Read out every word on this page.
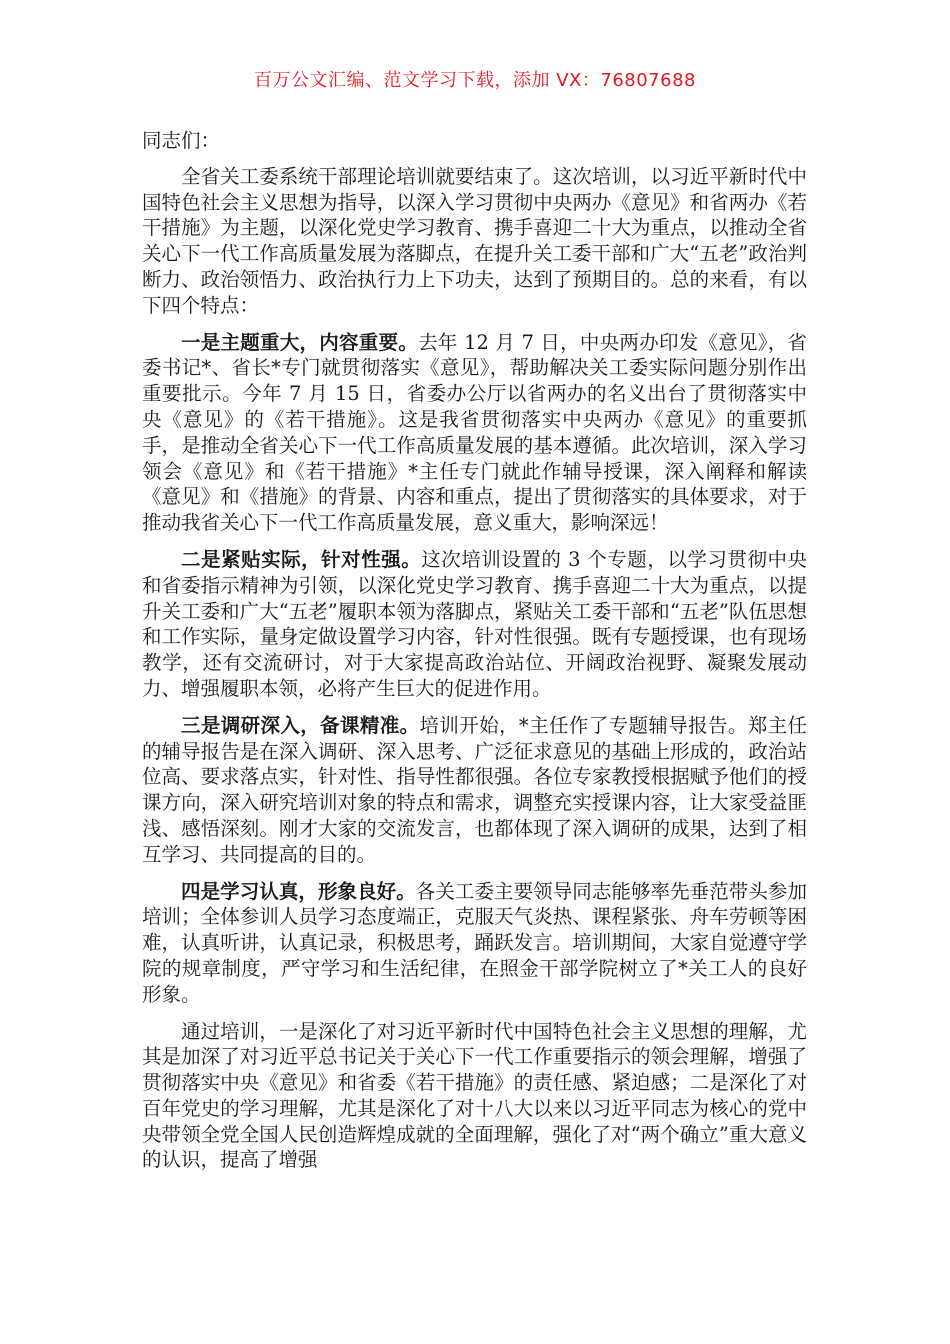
百万公文汇编、范文学习下载，添加 VX：76807688

同志们：

全省关工委系统干部理论培训就要结束了。这次培训，以习近平新时代中国特色社会主义思想为指导，以深入学习贯彻中央两办《意见》和省两办《若干措施》为主题，以深化党史学习教育、携手喜迎二十大为重点，以推动全省关心下一代工作高质量发展为落脚点，在提升关工委干部和广大“五老”政治判断力、政治领悟力、政治执行力上下功夫，达到了预期目的。总的来看，有以下四个特点：

一是主题重大，内容重要。去年 12 月 7 日，中央两办印发《意见》，省委书记*、省长*专门就贯彻落实《意见》，帮助解决关工委实际问题分别作出重要批示。今年 7 月 15 日，省委办公厅以省两办的名义出台了贯彻落实中央《意见》的《若干措施》。这是我省贯彻落实中央两办《意见》的重要抓手，是推动全省关心下一代工作高质量发展的基本遵循。此次培训，深入学习领会《意见》和《若干措施》*主任专门就此作辅导授课，深入阐释和解读《意见》和《措施》的背景、内容和重点，提出了贯彻落实的具体要求，对于推动我省关心下一代工作高质量发展，意义重大，影响深远！

二是紧贴实际，针对性强。这次培训设置的 3 个专题，以学习贯彻中央和省委指示精神为引领，以深化党史学习教育、携手喜迎二十大为重点，以提升关工委和广大“五老”履职本领为落脚点，紧贴关工委干部和“五老”队伍思想和工作实际，量身定做设置学习内容，针对性很强。既有专题授课，也有现场教学，还有交流研讨，对于大家提高政治站位、开阔政治视野、凝聚发展动力、增强履职本领，必将产生巨大的促进作用。

三是调研深入，备课精准。培训开始，*主任作了专题辅导报告。郑主任的辅导报告是在深入调研、深入思考、广泛征求意见的基础上形成的，政治站位高、要求落点实，针对性、指导性都很强。各位专家教授根据赋予他们的授课方向，深入研究培训对象的特点和需求，调整充实授课内容，让大家受益匪浅、感悟深刻。刚才大家的交流发言，也都体现了深入调研的成果，达到了相互学习、共同提高的目的。

四是学习认真，形象良好。各关工委主要领导同志能够率先垂范带头参加培训；全体参训人员学习态度端正，克服天气炎热、课程紧张、舟车劳顿等困难，认真听讲，认真记录，积极思考，踊跃发言。培训期间，大家自觉遵守学院的规章制度，严守学习和生活纪律，在照金干部学院树立了*关工人的良好形象。

通过培训，一是深化了对习近平新时代中国特色社会主义思想的理解，尤其是加深了对习近平总书记关于关心下一代工作重要指示的领会理解，增强了贯彻落实中央《意见》和省委《若干措施》的责任感、紧迫感；二是深化了对百年党史的学习理解，尤其是深化了对十八大以来以习近平同志为核心的党中央带领全党全国人民创造辉煌成就的全面理解，强化了对“两个确立”重大意义的认识，提高了增强
